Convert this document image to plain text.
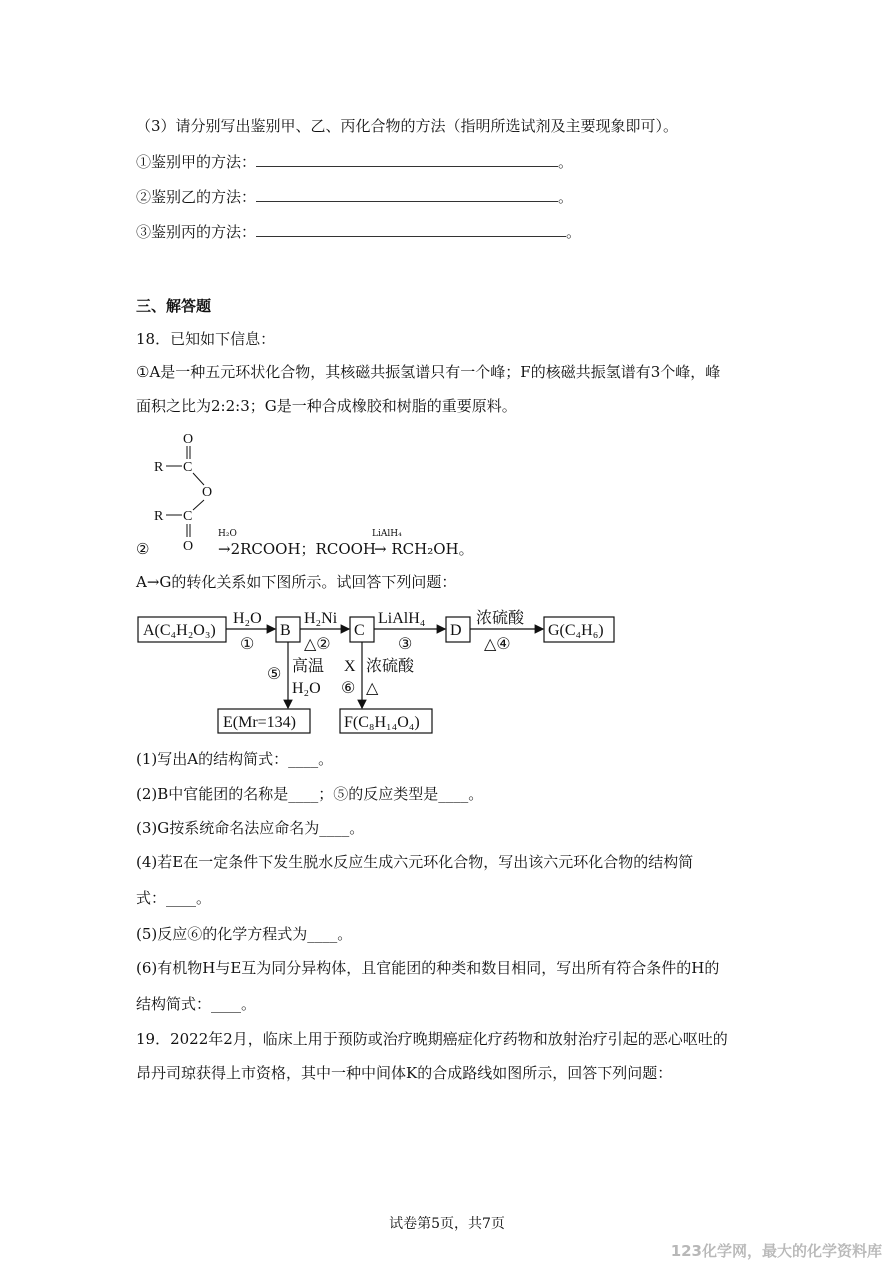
（3）请分别写出鉴别甲、乙、丙化合物的方法（指明所选试剂及主要现象即可）。
①鉴别甲的方法：	。
②鉴别乙的方法：	。
③鉴别丙的方法：	。
三、解答题
18．已知如下信息：
①A是一种五元环状化合物，其核磁共振氢谱只有一个峰；F的核磁共振氢谱有3个峰，峰
面积之比为2:2:3；G是一种合成橡胶和树脂的重要原料。
O
R C
O
R C
O
②
H₂O
→2RCOOH；RCOOH
LiAlH₄
→ RCH₂OH。
A→G的转化关系如下图所示。试回答下列问题：
A(C₄H₂O₃)	B	C	D	G(C₄H₆)
E(Mr=134)	F(C₈H₁₄O₄)
H₂O
①
H₂Ni
△②
LiAlH₄
③
浓硫酸
△④
⑤ 高温
H₂O
X
⑥
浓硫酸
△
(1)写出A的结构简式：____。
(2)B中官能团的名称是____；⑤的反应类型是____。
(3)G按系统命名法应命名为____。
(4)若E在一定条件下发生脱水反应生成六元环化合物，写出该六元环化合物的结构简
式：____。
(5)反应⑥的化学方程式为____。
(6)有机物H与E互为同分异构体，且官能团的种类和数目相同，写出所有符合条件的H的
结构简式：____。
19．2022年2月，临床上用于预防或治疗晚期癌症化疗药物和放射治疗引起的恶心呕吐的
昂丹司琼获得上市资格，其中一种中间体K的合成路线如图所示，回答下列问题：
试卷第5页，共7页
123化学网，最大的化学资料库
